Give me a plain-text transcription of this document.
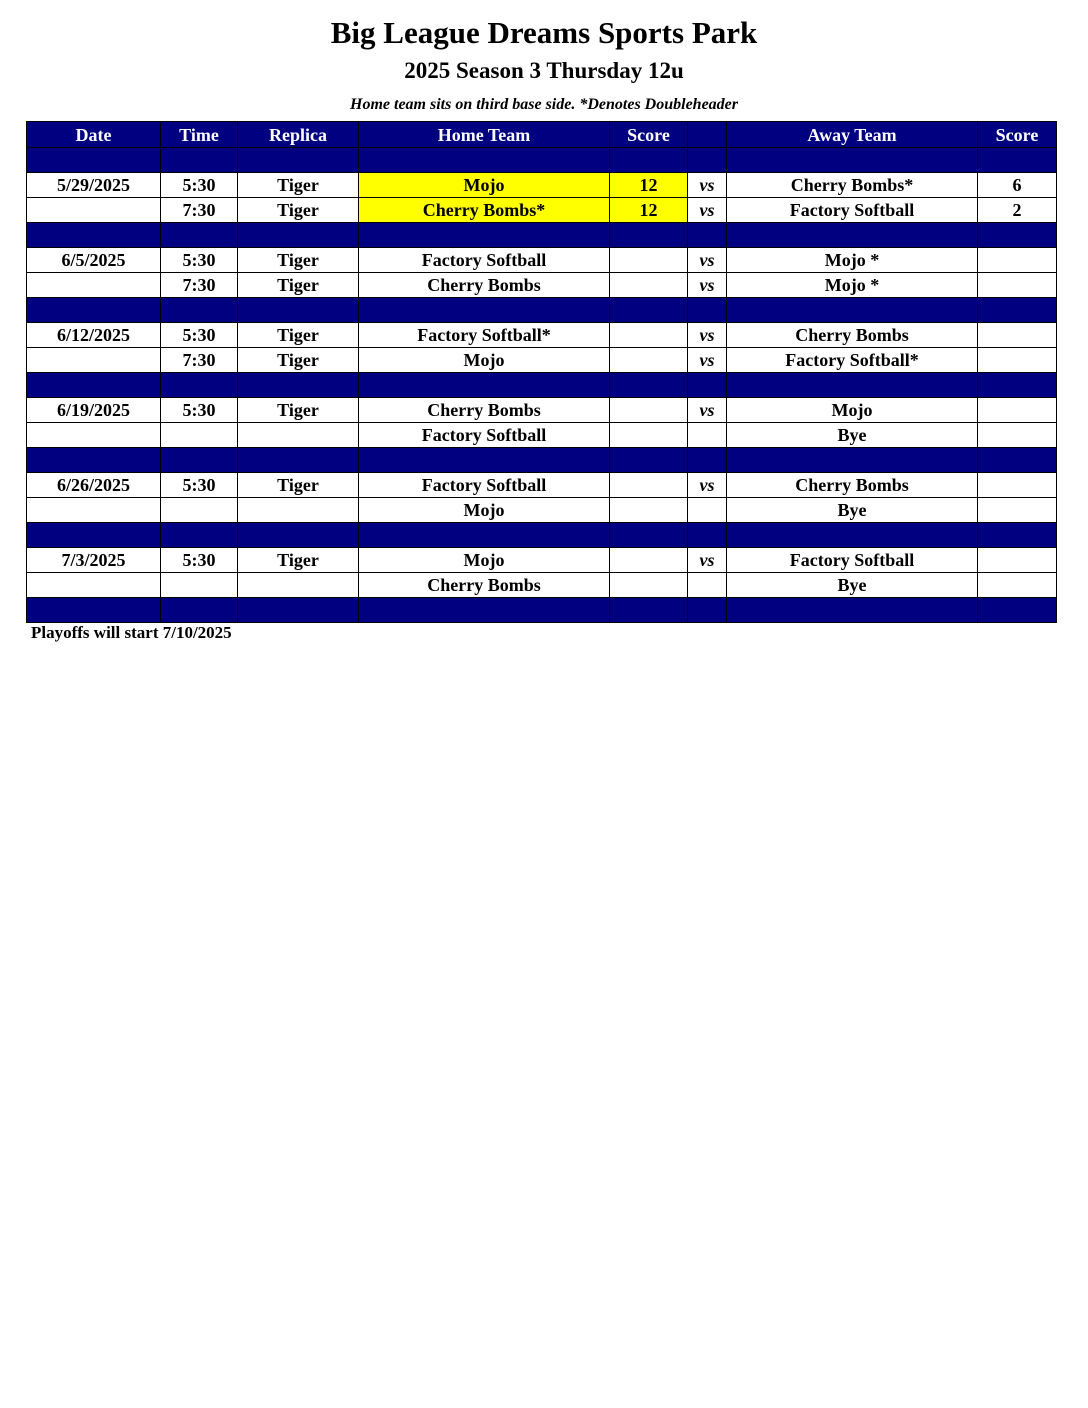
Big League Dreams Sports Park
2025 Season 3 Thursday 12u
Home team sits on third base side. *Denotes Doubleheader
Date	Time	Replica	Home Team	Score		Away Team	Score

5/29/2025	5:30	Tiger	Mojo	12	vs	Cherry Bombs*	6
	7:30	Tiger	Cherry Bombs*	12	vs	Factory Softball	2

6/5/2025	5:30	Tiger	Factory Softball		vs	Mojo *	
	7:30	Tiger	Cherry Bombs		vs	Mojo *	

6/12/2025	5:30	Tiger	Factory Softball*		vs	Cherry Bombs	
	7:30	Tiger	Mojo		vs	Factory Softball*	

6/19/2025	5:30	Tiger	Cherry Bombs		vs	Mojo	
			Factory Softball			Bye	

6/26/2025	5:30	Tiger	Factory Softball		vs	Cherry Bombs	
			Mojo			Bye	

7/3/2025	5:30	Tiger	Mojo		vs	Factory Softball	
			Cherry Bombs			Bye	

Playoffs will start 7/10/2025
